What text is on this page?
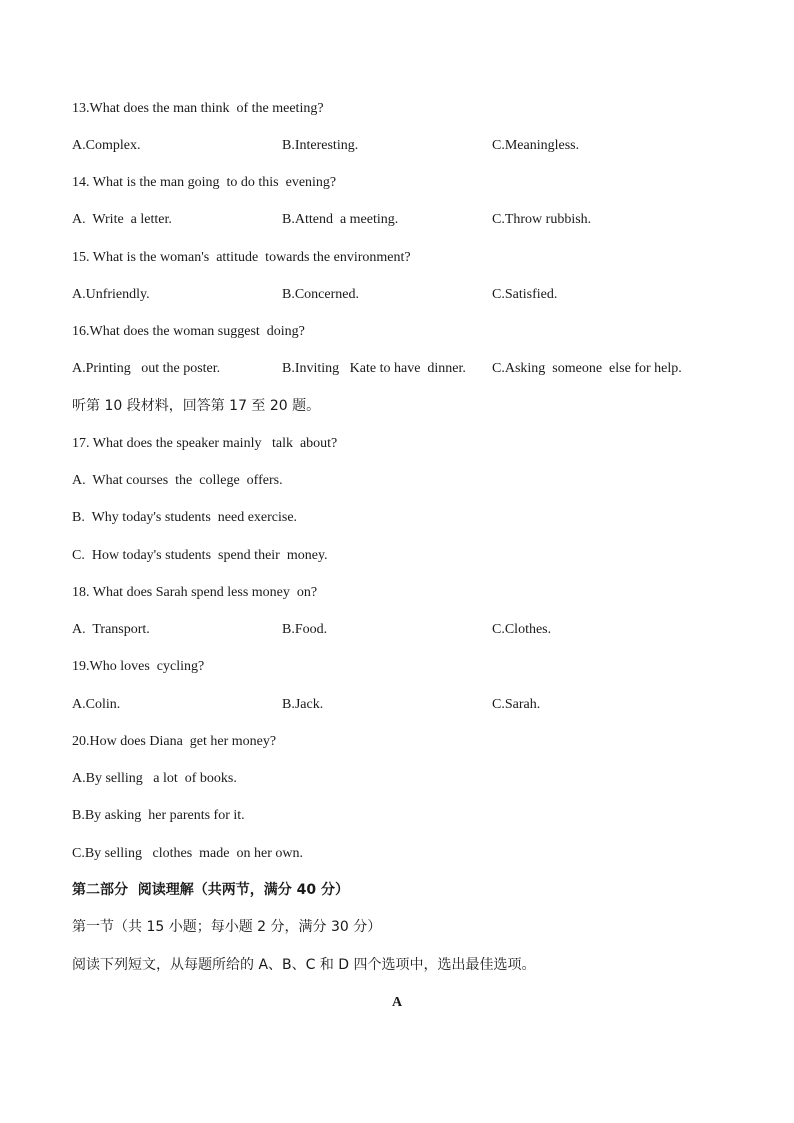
13.What does the man think  of the meeting?
A.Complex.	B.Interesting.	C.Meaningless.
14. What is the man going  to do this  evening?
A.  Write  a letter.	B.Attend  a meeting.	C.Throw rubbish.
15. What is the woman's  attitude  towards the environment?
A.Unfriendly.	B.Concerned.	C.Satisfied.
16.What does the woman suggest  doing?
A.Printing   out the poster.	B.Inviting   Kate to have  dinner. C.Asking  someone  else for help.
听第 10 段材料，回答第 17 至 20 题。
17. What does the speaker mainly   talk  about?
A.  What courses  the  college  offers.
B.  Why today's students  need exercise.
C.  How today's students  spend their  money.
18. What does Sarah spend less money  on?
A.  Transport.	B.Food.	C.Clothes.
19.Who loves  cycling?
A.Colin.	B.Jack.	C.Sarah.
20.How does Diana  get her money?
A.By selling   a lot  of books.
B.By asking  her parents for it.
C.By selling   clothes  made  on her own.
第二部分  阅读理解（共两节，满分 40 分）
第一节（共 15 小题；每小题 2 分，满分 30 分）
阅读下列短文，从每题所给的 A、B、C 和 D 四个选项中，选出最佳选项。
A
